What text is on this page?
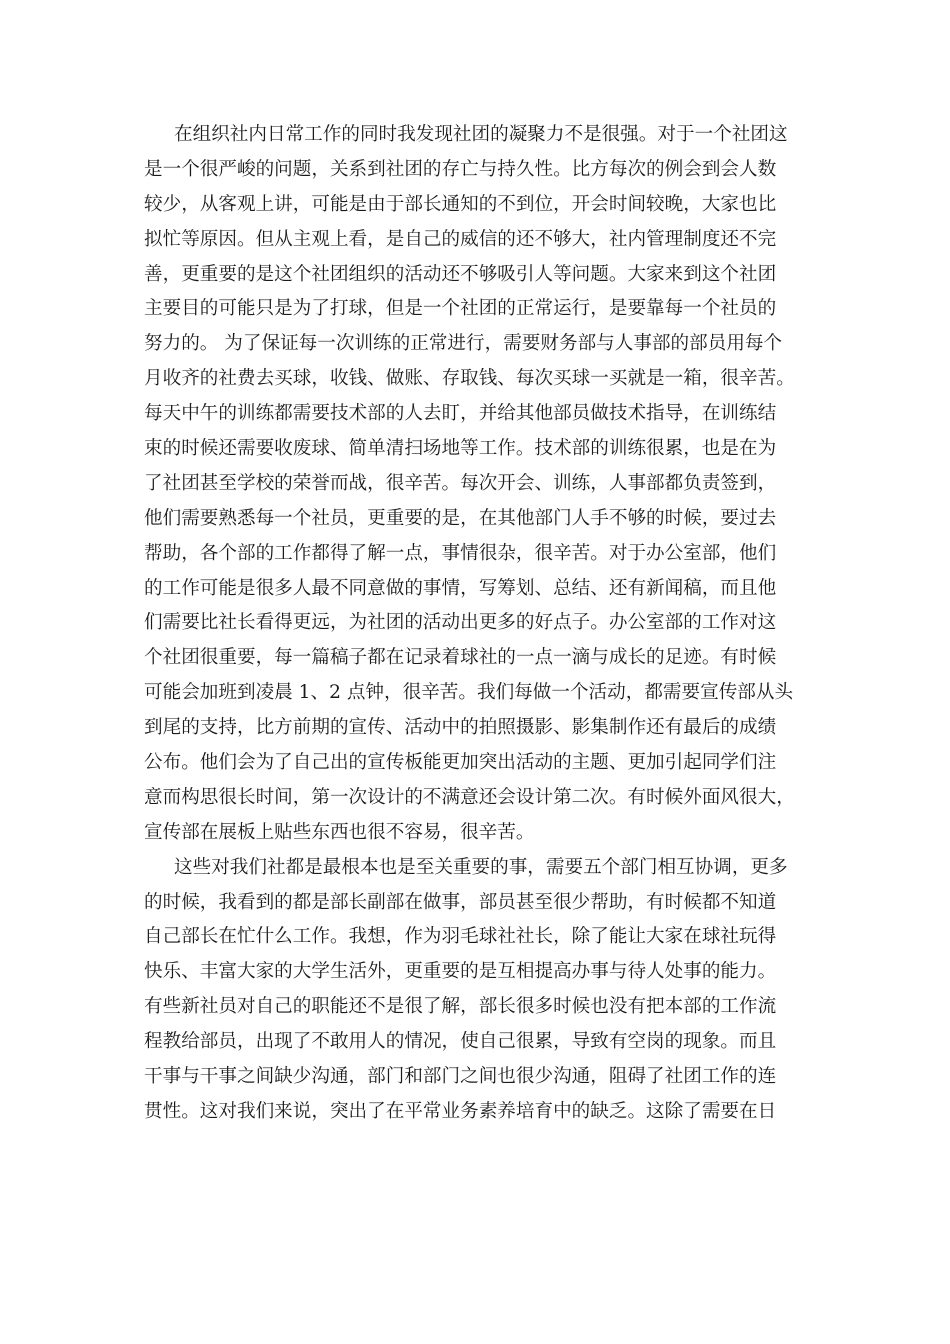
在组织社内日常工作的同时我发现社团的凝聚力不是很强。对于一个社团这
是一个很严峻的问题，关系到社团的存亡与持久性。比方每次的例会到会人数
较少，从客观上讲，可能是由于部长通知的不到位，开会时间较晚，大家也比
拟忙等原因。但从主观上看，是自己的威信的还不够大，社内管理制度还不完
善，更重要的是这个社团组织的活动还不够吸引人等问题。大家来到这个社团
主要目的可能只是为了打球，但是一个社团的正常运行，是要靠每一个社员的
努力的。 为了保证每一次训练的正常进行，需要财务部与人事部的部员用每个
月收齐的社费去买球，收钱、做账、存取钱、每次买球一买就是一箱，很辛苦。
每天中午的训练都需要技术部的人去盯，并给其他部员做技术指导，在训练结
束的时候还需要收废球、简单清扫场地等工作。技术部的训练很累，也是在为
了社团甚至学校的荣誉而战，很辛苦。每次开会、训练，人事部都负责签到，
他们需要熟悉每一个社员，更重要的是，在其他部门人手不够的时候，要过去
帮助，各个部的工作都得了解一点，事情很杂，很辛苦。对于办公室部，他们
的工作可能是很多人最不同意做的事情，写筹划、总结、还有新闻稿，而且他
们需要比社长看得更远，为社团的活动出更多的好点子。办公室部的工作对这
个社团很重要，每一篇稿子都在记录着球社的一点一滴与成长的足迹。有时候
可能会加班到凌晨 1、2 点钟，很辛苦。我们每做一个活动，都需要宣传部从头
到尾的支持，比方前期的宣传、活动中的拍照摄影、影集制作还有最后的成绩
公布。他们会为了自己出的宣传板能更加突出活动的主题、更加引起同学们注
意而构思很长时间，第一次设计的不满意还会设计第二次。有时候外面风很大，
宣传部在展板上贴些东西也很不容易，很辛苦。
这些对我们社都是最根本也是至关重要的事，需要五个部门相互协调，更多
的时候，我看到的都是部长副部在做事，部员甚至很少帮助，有时候都不知道
自己部长在忙什么工作。我想，作为羽毛球社社长，除了能让大家在球社玩得
快乐、丰富大家的大学生活外，更重要的是互相提高办事与待人处事的能力。
有些新社员对自己的职能还不是很了解，部长很多时候也没有把本部的工作流
程教给部员，出现了不敢用人的情况，使自己很累，导致有空岗的现象。而且
干事与干事之间缺少沟通，部门和部门之间也很少沟通，阻碍了社团工作的连
贯性。这对我们来说，突出了在平常业务素养培育中的缺乏。这除了需要在日
